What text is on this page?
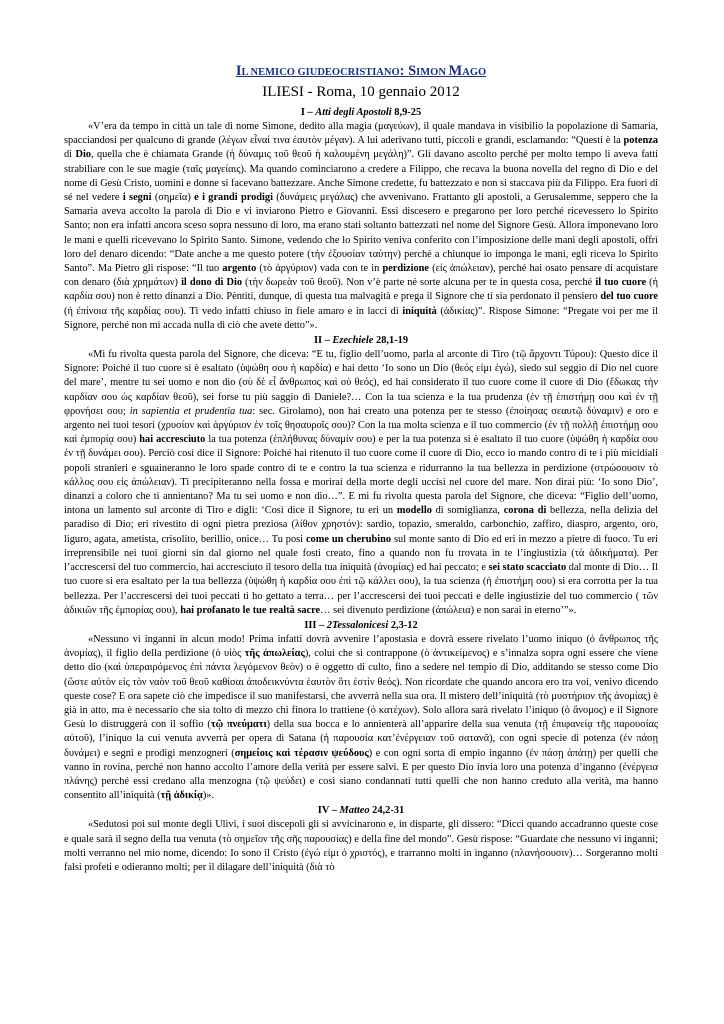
IL NEMICO GIUDEOCRISTIANO: SIMON MAGO
ILIESI - Roma, 10 gennaio 2012
I – Atti degli Apostoli 8,9-25

«V’era da tempo in città un tale di nome Simone, dedito alla magia (μαγεύων), il quale mandava in visibilio la popolazione di Samaria, spacciandosi per qualcuno di grande (λέγων εἶναί τινα ἑαυτὸν μέγαν). A lui aderivano tutti, piccoli e grandi, esclamando: “Questi è la potenza di Dio, quella che è chiamata Grande (ἡ δύναμις τοῦ θεοῦ ἡ καλουμένη μεγάλη)”. Gli davano ascolto perché per molto tempo li aveva fatti strabiliare con le sue magie (ταῖς μαγείαις). Ma quando cominciarono a credere a Filippo, che recava la buona novella del regno di Dio e del nome di Gesù Cristo, uomini e donne si facevano battezzare. Anche Simone credette, fu battezzato e non si staccava più da Filippo. Era fuori di sé nel vedere i segni (σημεῖα) e i grandi prodigi (δυνάμεις μεγάλας) che avvenivano. Frattanto gli apostoli, a Gerusalemme, seppero che la Samaria aveva accolto la parola di Dio e vi inviarono Pietro e Giovanni. Essi discesero e pregarono per loro perché ricevessero lo Spirito Santo; non era infatti ancora sceso sopra nessuno di loro, ma erano stati soltanto battezzati nel nome del Signore Gesù. Allora imponevano loro le mani e quelli ricevevano lo Spirito Santo. Simone, vedendo che lo Spirito veniva conferito con l’imposizione delle mani degli apostoli, offrì loro del denaro dicendo: “Date anche a me questo potere (τὴν ἐξουσίαν ταύτην) perché a chiunque io imponga le mani, egli riceva lo Spirito Santo”. Ma Pietro gli rispose: “Il tuo argento (τὸ ἀργύριον) vada con te in perdizione (εἰς ἀπώλειαν), perché hai osato pensare di acquistare con denaro (διὰ χρημάτων) il dono di Dio (τὴν δωρεὰν τοῦ θεοῦ). Non v’è parte né sorte alcuna per te in questa cosa, perché il tuo cuore (ἡ καρδία σου) non è retto dinanzi a Dio. Pèntiti, dunque, di questa tua malvagità e prega il Signore che ti sia perdonato il pensiero del tuo cuore (ἡ ἐπίνοια τῆς καρδίας σου). Ti vedo infatti chiuso in fiele amaro e in lacci di iniquità (ἀδικίας)”. Rispose Simone: “Pregate voi per me il Signore, perché non mi accada nulla di ciò che avete detto”».

II – Ezechiele 28,1-19

«Mi fu rivolta questa parola del Signore, che diceva: “E tu, figlio dell’uomo, parla al arconte di Tiro (τῷ ἄρχοντι Τύρου): Questo dice il Signore: Poiché il tuo cuore si è esaltato (ὑψώθη σου ἡ καρδία) e hai detto ‘Io sono un Dio (θεός εἰμι ἐγώ), siedo sul seggio di Dio nel cuore del mare’, mentre tu sei uomo e non dio (σὺ δὲ εἶ ἄνθρωπος καὶ οὐ θεός), ed hai considerato il tuo cuore come il cuore di Dio (ἔδωκας τὴν καρδίαν σου ὡς καρδίαν θεοῦ), sei forse tu più saggio di Daniele?… Con la tua scienza e la tua prudenza (ἐν τῇ ἐπιστήμῃ σου καὶ ἐν τῇ φρονήσει σου; in sapientia et prudentia tua: sec. Girolamo), non hai creato una potenza per te stesso (ἐποίησας σεαυτῷ δύναμιν) e oro e argento nei tuoi tesori (χρυσίον καὶ ἀργύριον ἐν τοῖς θησαυροῖς σου)? Con la tua molta scienza e il tuo commercio (ἐν τῇ πολλῇ ἐπιστήμῃ σου καὶ ἐμπορίᾳ σου) hai accresciuto la tua potenza (ἐπλήθυνας δύναμίν σου) e per la tua potenza si è esaltato il tuo cuore (ὑψώθη ἡ καρδία σου ἐν τῇ δυνάμει σου). Perciò così dice il Signore: Poiché hai ritenuto il tuo cuore come il cuore di Dio, ecco io mando contro di te i più micidiali popoli stranieri e sguaineranno le loro spade contro di te e contro la tua scienza e ridurranno la tua bellezza in perdizione (στρώσουσιν τὸ κάλλος σου εἰς ἀπώλειαν). Ti precipiteranno nella fossa e morirai della morte degli uccisi nel cuore del mare. Non dirai più: ‘Io sono Dio’, dinanzi a coloro che ti annientano? Ma tu sei uomo e non dio…”. E mi fu rivolta questa parola del Signore, che diceva: “Figlio dell’uomo, intona un lamento sul arconte di Tiro e digli: ‘Così dice il Signore, tu eri un modello di somiglianza, corona di bellezza, nella delizia del paradiso di Dio; eri rivestito di ogni pietra preziosa (λίθον χρηστόν): sardio, topazio, smeraldo, carbonchio, zaffiro, diaspro, argento, oro, ligurо, agata, ametista, crisolito, berillio, onice… Tu posi come un cherubino sul monte santo di Dio ed eri in mezzo a pietre di fuoco. Tu eri irreprensibile nei tuoi giorni sin dal giorno nel quale fosti creato, fino a quando non fu trovata in te l’ingiustizia (τὰ ἀδικήματα). Per l’accrescersi del tuo commercio, hai accresciuto il tesoro della tua iniquità (ἀνομίας) ed hai peccato; e sei stato scacciato dal monte di Dio… Il tuo cuore si era esaltato per la tua bellezza (ὑψώθη ἡ καρδία σου ἐπὶ τῷ κάλλει σου), la tua scienza (ἡ ἐπιστήμη σου) si era corrotta per la tua bellezza. Per l’accrescersi dei tuoi peccati ti ho gettato a terra… per l’accrescersi dei tuoi peccati e delle ingiustizie del tuo commercio ( τῶν ἀδικιῶν τῆς ἐμπορίας σου), hai profanato le tue realtà sacre… sei divenuto perdizione (ἀπώλεια) e non sarai in eterno’”».

III – 2Tessalonicesi 2,3-12

«Nessuno vi inganni in alcun modo! Prima infatti dovrà avvenire l’apostasia e dovrà essere rivelato l’uomo iniquo (ὁ ἄνθρωπος τῆς ἀνομίας), il figlio della perdizione (ὁ υἱὸς τῆς ἀπωλείας), colui che si contrappone (ὁ ἀντικείμενος) e s’innalza sopra ogni essere che viene detto dio (καὶ ὑπεραιρόμενος ἐπὶ πάντα λεγόμενον θεὸν) o è oggetto di culto, fino a sedere nel tempio di Dio, additando se stesso come Dio (ὥστε αὐτὸν εἰς τὸν ναὸν τοῦ θεοῦ καθίσαι ἀποδεικνύντα ἑαυτὸν ὅτι ἐστὶν θεός). Non ricordate che quando ancora ero tra voi, venivo dicendo queste cose? E ora sapete ciò che impedisce il suo manifestarsi, che avverrà nella sua ora. Il mistero dell’iniquità (τὸ μυστήριον τῆς ἀνομίας) è già in atto, ma è necessario che sia tolto di mezzo chi finora lo trattiene (ὁ κατέχων). Solo allora sarà rivelato l’iniquo (ὁ ἄνομος) e il Signore Gesù lo distruggerà con il soffio (τῷ πνεύματι) della sua bocca e lo annienterà all’apparire della sua venuta (τῇ ἐπιφανείᾳ τῆς παρουσίας αὐτοῦ), l’iniquo la cui venuta avverrà per opera di Satana (ἡ παρουσία κατ’ἐνέργειαν τοῦ σατανᾶ), con ogni specie di potenza (ἐν πάσῃ δυνάμει) e segni e prodigi menzogneri (σημείοις καὶ τέρασιν ψεύδους) e con ogni sorta di empio inganno (ἐν πάσῃ ἀπάτῃ) per quelli che vanno in rovina, perché non hanno accolto l’amore della verità per essere salvi. E per questo Dio invia loro una potenza d’inganno (ἐνέργεια πλάνης) perché essi credano alla menzogna (τῷ ψεύδει) e così siano condannati tutti quelli che non hanno creduto alla verità, ma hanno consentito all’iniquità (τῇ ἀδικίᾳ)».

IV – Matteo 24,2-31

«Sedutosi poi sul monte degli Ulivi, i suoi discepoli gli si avvicinarono e, in disparte, gli dissero: “Dicci quando accadranno queste cose e quale sarà il segno della tua venuta (τὸ σημεῖον τῆς σῆς παρουσίας) e della fine del mondo”. Gesù rispose: “Guardate che nessuno vi inganni; molti verranno nel mio nome, dicendo: Io sono il Cristo (ἐγώ εἰμι ὁ χριστός), e trarranno molti in inganno (πλανήσουσιν)… Sorgeranno molti falsi profeti e odieranno molti; per il dilagare dell’iniquità (διὰ τὸ
